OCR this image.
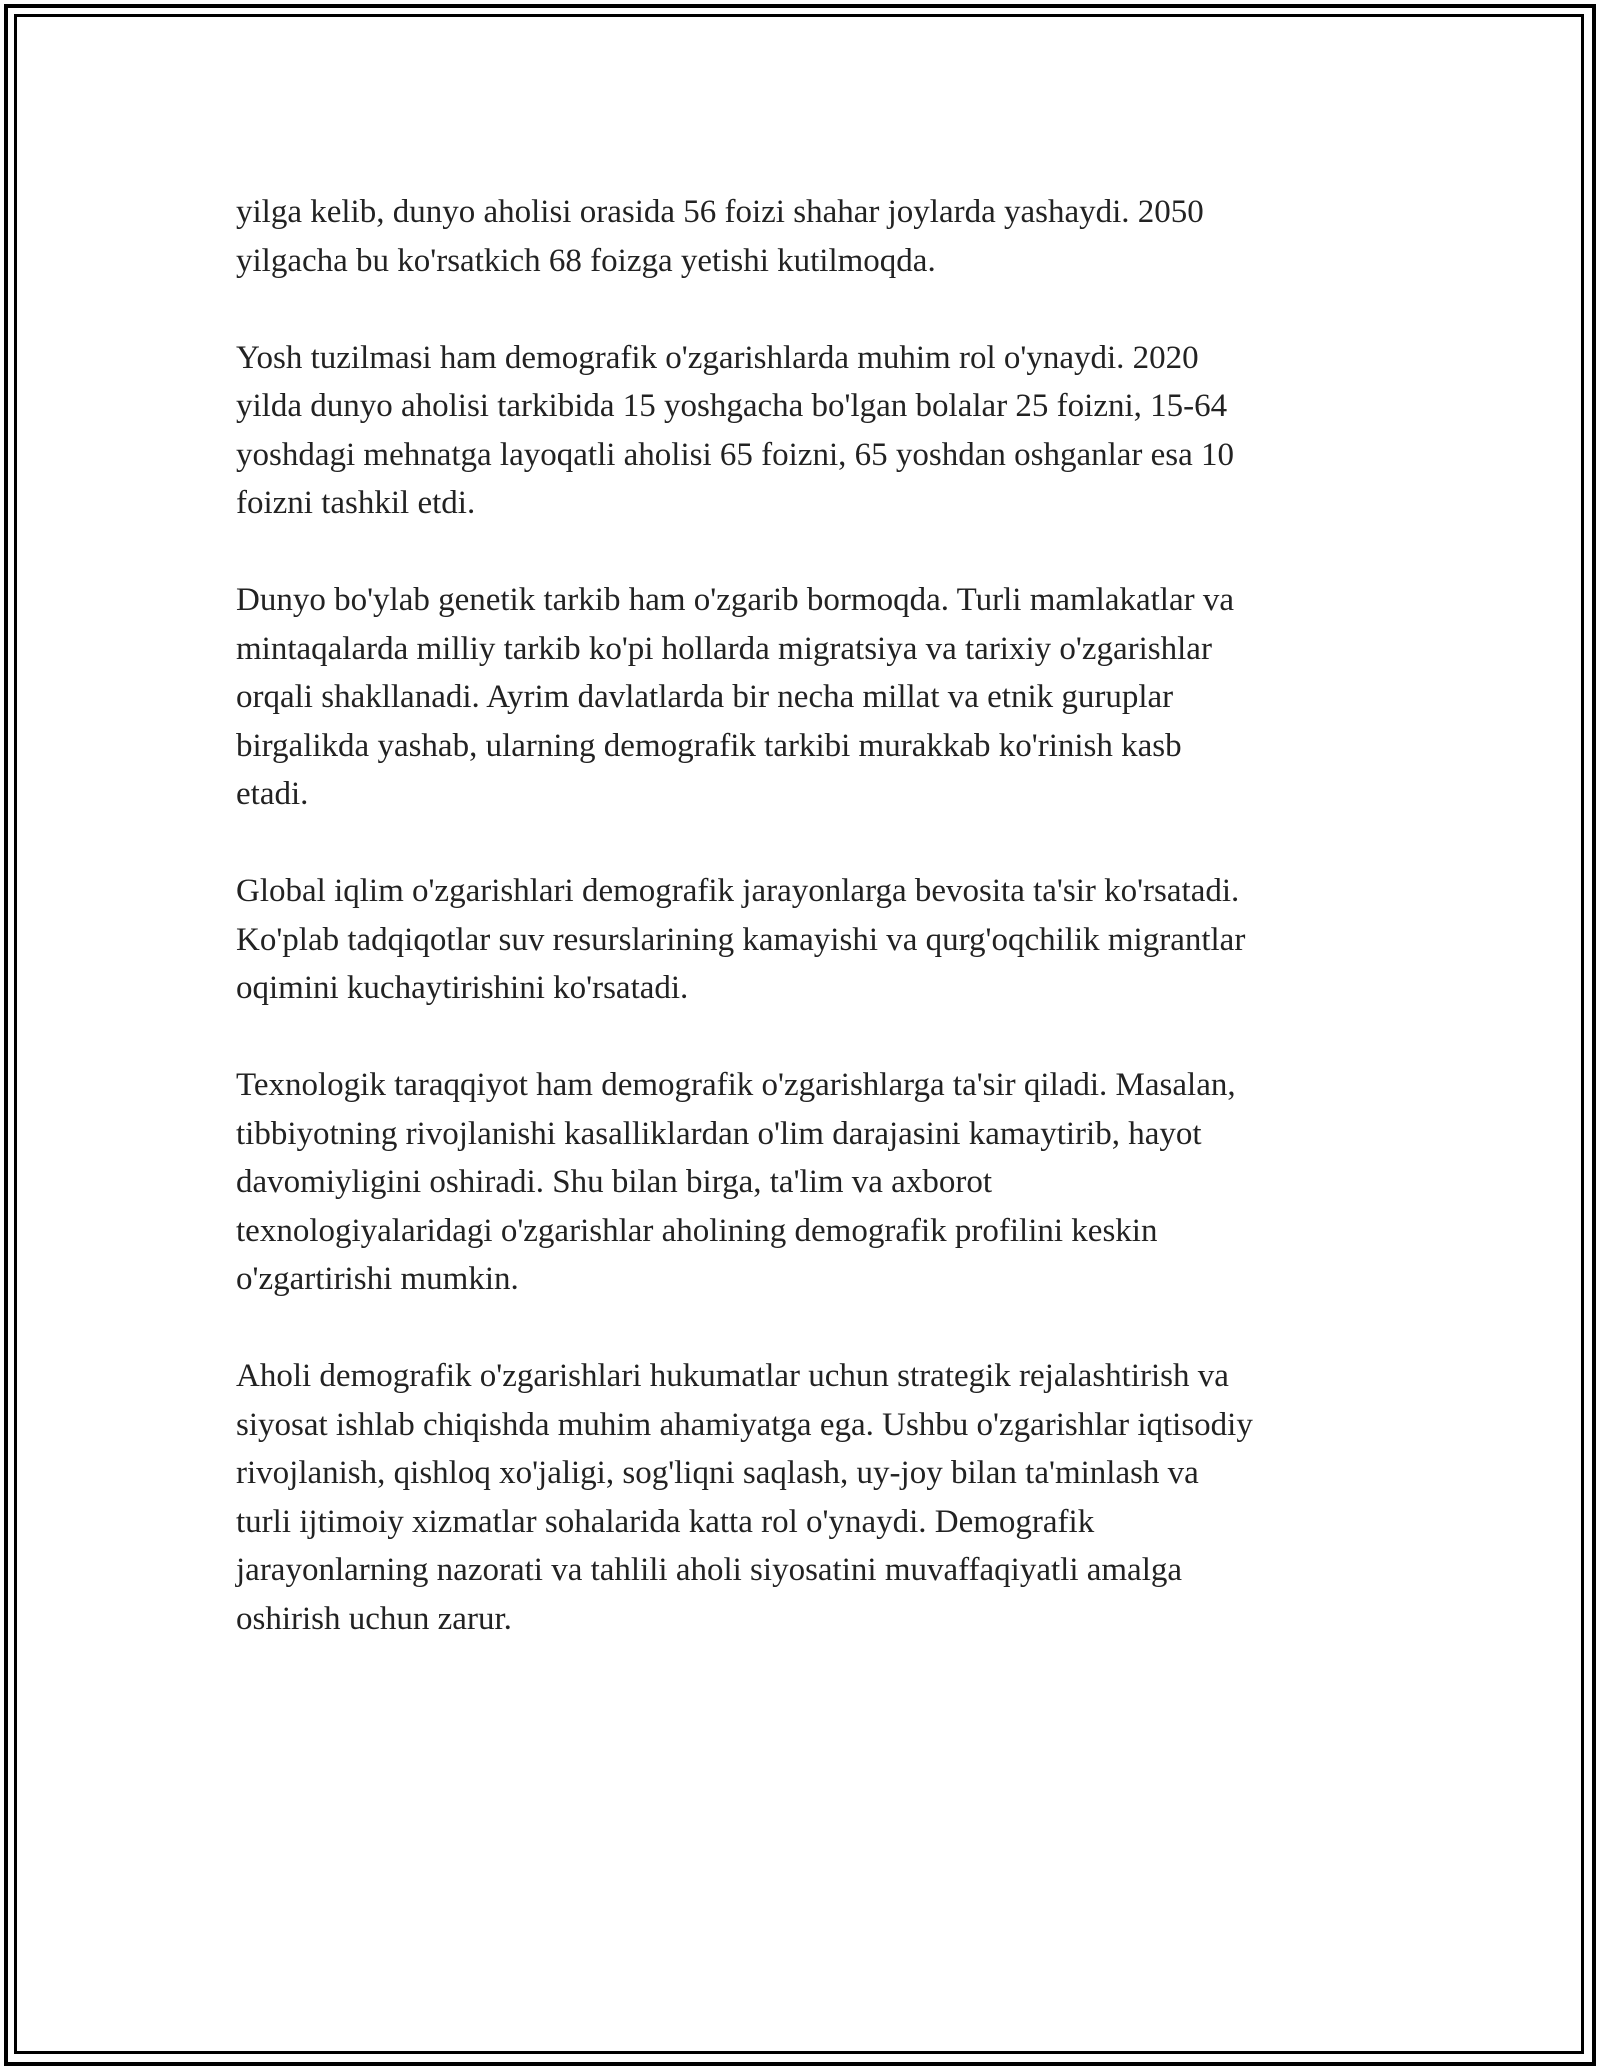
yilga kelib, dunyo aholisi orasida 56 foizi shahar joylarda yashaydi. 2050
yilgacha bu ko'rsatkich 68 foizga yetishi kutilmoqda.

Yosh tuzilmasi ham demografik o'zgarishlarda muhim rol o'ynaydi. 2020
yilda dunyo aholisi tarkibida 15 yoshgacha bo'lgan bolalar 25 foizni, 15-64
yoshdagi mehnatga layoqatli aholisi 65 foizni, 65 yoshdan oshganlar esa 10
foizni tashkil etdi.

Dunyo bo'ylab genetik tarkib ham o'zgarib bormoqda. Turli mamlakatlar va
mintaqalarda milliy tarkib ko'pi hollarda migratsiya va tarixiy o'zgarishlar
orqali shakllanadi. Ayrim davlatlarda bir necha millat va etnik guruplar
birgalikda yashab, ularning demografik tarkibi murakkab ko'rinish kasb
etadi.

Global iqlim o'zgarishlari demografik jarayonlarga bevosita ta'sir ko'rsatadi.
Ko'plab tadqiqotlar suv resurslarining kamayishi va qurg'oqchilik migrantlar
oqimini kuchaytirishini ko'rsatadi.

Texnologik taraqqiyot ham demografik o'zgarishlarga ta'sir qiladi. Masalan,
tibbiyotning rivojlanishi kasalliklardan o'lim darajasini kamaytirib, hayot
davomiyligini oshiradi. Shu bilan birga, ta'lim va axborot
texnologiyalaridagi o'zgarishlar aholining demografik profilini keskin
o'zgartirishi mumkin.

Aholi demografik o'zgarishlari hukumatlar uchun strategik rejalashtirish va
siyosat ishlab chiqishda muhim ahamiyatga ega. Ushbu o'zgarishlar iqtisodiy
rivojlanish, qishloq xo'jaligi, sog'liqni saqlash, uy-joy bilan ta'minlash va
turli ijtimoiy xizmatlar sohalarida katta rol o'ynaydi. Demografik
jarayonlarning nazorati va tahlili aholi siyosatini muvaffaqiyatli amalga
oshirish uchun zarur.
